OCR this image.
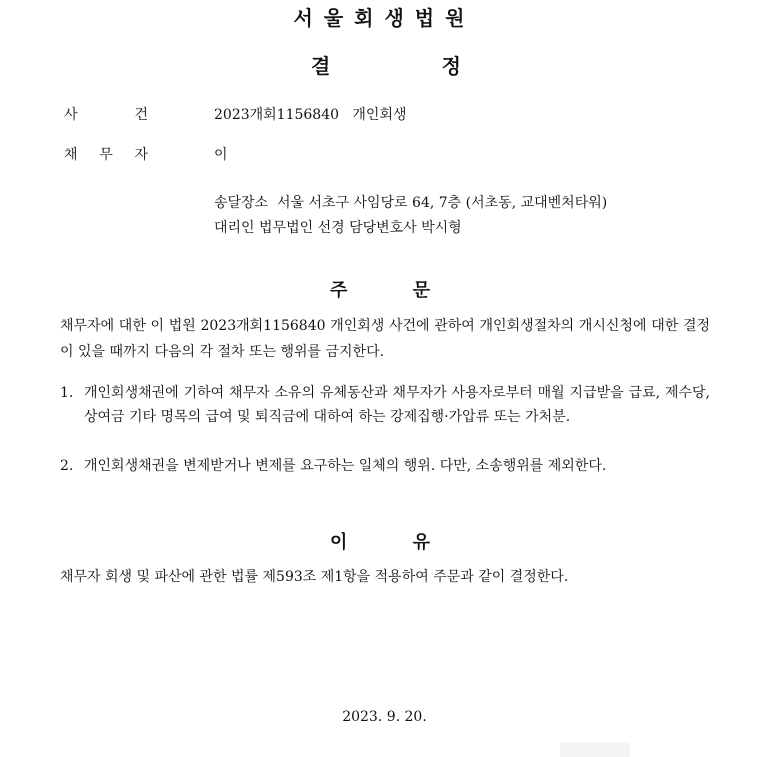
서울회생법원
결	정
사	건	2023개회1156840 개인회생
채 무 자	이
송달장소  서울 서초구 사임당로 64, 7층 (서초동, 교대벤처타워)
대리인 법무법인 선경 담당변호사 박시형
주	문
채무자에 대한 이 법원 2023개회1156840 개인회생 사건에 관하여 개인회생절차의 개시신청에 대한 결정이 있을 때까지 다음의 각 절차 또는 행위를 금지한다.
1. 개인회생채권에 기하여 채무자 소유의 유체동산과 채무자가 사용자로부터 매월 지급받을 급료, 제수당, 상여금 기타 명목의 급여 및 퇴직금에 대하여 하는 강제집행·가압류 또는 가처분.
2. 개인회생채권을 변제받거나 변제를 요구하는 일체의 행위. 다만, 소송행위를 제외한다.
이	유
채무자 회생 및 파산에 관한 법률 제593조 제1항을 적용하여 주문과 같이 결정한다.
2023. 9. 20.
